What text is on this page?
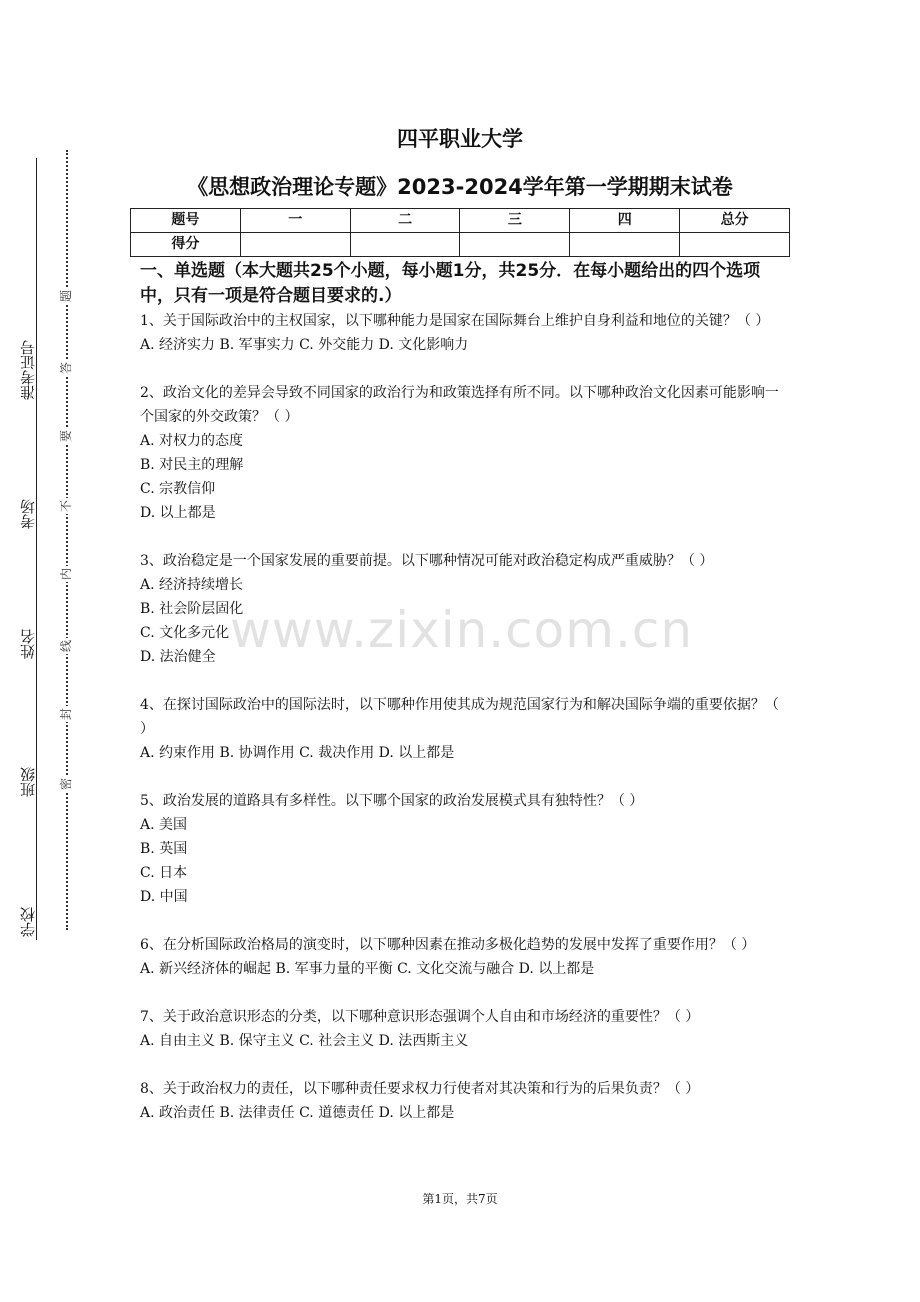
准考证号
考场
姓名
班级
学校
题
答
要
不
内
线
封
密
四平职业大学
《思想政治理论专题》2023-2024学年第一学期期末试卷
题号	一	二	三	四	总分
得分					
一、单选题（本大题共25个小题，每小题1分，共25分．在每小题给出的四个选项中，只有一项是符合题目要求的.）
1、关于国际政治中的主权国家，以下哪种能力是国家在国际舞台上维护自身利益和地位的关键？（ ）
A. 经济实力 B. 军事实力 C. 外交能力 D. 文化影响力
2、政治文化的差异会导致不同国家的政治行为和政策选择有所不同。以下哪种政治文化因素可能影响一个国家的外交政策？（ ）
A. 对权力的态度
B. 对民主的理解
C. 宗教信仰
D. 以上都是
3、政治稳定是一个国家发展的重要前提。以下哪种情况可能对政治稳定构成严重威胁？（ ）
A. 经济持续增长
B. 社会阶层固化
C. 文化多元化
D. 法治健全
4、在探讨国际政治中的国际法时，以下哪种作用使其成为规范国家行为和解决国际争端的重要依据？（ ）
A. 约束作用 B. 协调作用 C. 裁决作用 D. 以上都是
5、政治发展的道路具有多样性。以下哪个国家的政治发展模式具有独特性？（ ）
A. 美国
B. 英国
C. 日本
D. 中国
6、在分析国际政治格局的演变时，以下哪种因素在推动多极化趋势的发展中发挥了重要作用？（ ）
A. 新兴经济体的崛起 B. 军事力量的平衡 C. 文化交流与融合 D. 以上都是
7、关于政治意识形态的分类，以下哪种意识形态强调个人自由和市场经济的重要性？（ ）
A. 自由主义 B. 保守主义 C. 社会主义 D. 法西斯主义
8、关于政治权力的责任，以下哪种责任要求权力行使者对其决策和行为的后果负责？（ ）
A. 政治责任 B. 法律责任 C. 道德责任 D. 以上都是
www.zixin.com.cn
第1页，共7页
